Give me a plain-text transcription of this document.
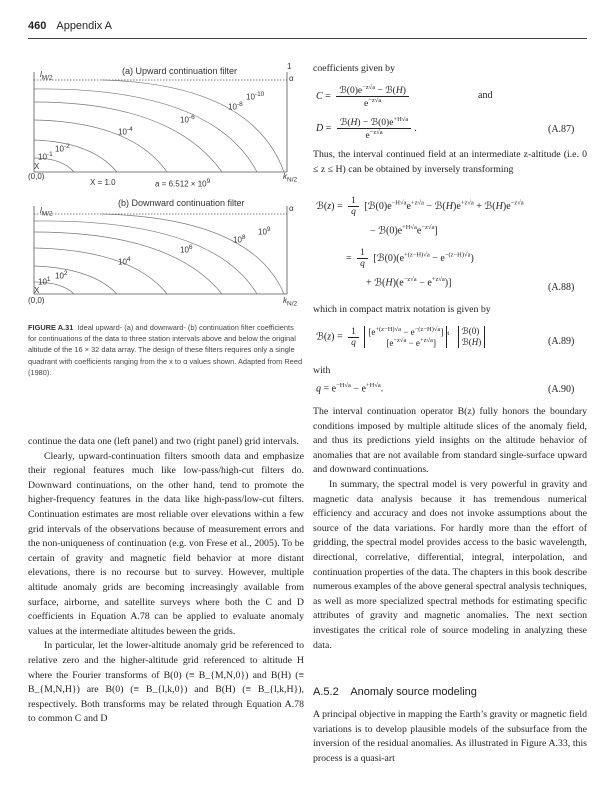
460 Appendix A
(a) Upward continuation filter
$l_{M/2}$
1
α
X
(0,0)
X = 1.0	$a = 6.512 \times 10^9$
$k_{N/2}$
$10^{-1}$
$10^{-2}$
$10^{-4}$
$10^{-6}$
$10^{-8}$
$10^{-10}$
(b) Downward continuation filter
$l_{M/2}$
α
X
(0,0)	$k_{N/2}$
$10^1$ $10^2$
$10^4$
$10^6$
$10^8$
$10^9$
FIGURE A.31 Ideal upward- (a) and downward- (b) continuation filter coefficients for continuations of the data to three station intervals above and below the original altitude of the 16 × 32 data array. The design of these filters requires only a single quadrant with coefficients ranging from the x to α values shown. Adapted from Reed (1980).

continue the data one (left panel) and two (right panel) grid intervals.

Clearly, upward-continuation filters smooth data and emphasize their regional features much like low-pass/high-cut filters do. Downward continuations, on the other hand, tend to promote the higher-frequency features in the data like high-pass/low-cut filters. Continuation estimates are most reliable over elevations within a few grid intervals of the observations because of measurement errors and the non-uniqueness of continuation (e.g. von Frese et al., 2005). To be certain of gravity and magnetic field behavior at more distant elevations, there is no recourse but to survey. However, multiple altitude anomaly grids are becoming increasingly available from surface, airborne, and satellite surveys where both the C and D coefficients in Equation A.78 can be applied to evaluate anomaly values at the intermediate altitudes beween the grids.

In particular, let the lower-altitude anomaly grid be referenced to relative zero and the higher-altitude grid referenced to altitude H where the Fourier transforms of B(0) (≡ B_{M,N,0}) and B(H) (≡ B_{M,N,H}) are B(0) (≡ B_{l,k,0}) and B(H) (≡ B_{l,k,H}), respectively. Both transforms may be related through Equation A.78 to common C and D

coefficients given by
$C = \frac{ℬ(0)e^{-z√a} - ℬ(H)}{e^{-z√a}}$	and
$D = \frac{ℬ(H) - ℬ(0)e^{+H√a}}{e^{-z√a}}$ .	(A.87)
Thus, the interval continued field at an intermediate z-altitude (i.e. 0 ≤ z ≤ H) can be obtained by inversely transforming
ℬ(z) = $\frac{1}{q}$ [$ℬ(0)e^{-H√a}e^{+z√a}$ − $ℬ(H)e^{+z√a}$ + $ℬ(H)e^{-z√a}$
− $ℬ(0)e^{+H√a}e^{-z√a}$]
= $\frac{1}{q}$ [$ℬ(0)(e^{+(z-H)√a} - e^{-(z-H)√a})$
+ $ℬ(H)(e^{-z√a} - e^{+z√a})$]	(A.88)
which in compact matrix notation is given by
ℬ(z) = $\frac{1}{q}$
$[e^{+(z-H)√a} - e^{-(z-H)√a}]$
$[e^{-z√a} - e^{+z√a}]$
$^t$ ℬ(0)
ℬ(H)	(A.89)
with
$q = e^{-H√a} - e^{+H√a}$.	(A.90)

The interval continuation operator B(z) fully honors the boundary conditions imposed by multiple altitude slices of the anomaly field, and thus its predictions yield insights on the altitude behavior of anomalies that are not available from standard single-surface upward and downward continuations.

In summary, the spectral model is very powerful in gravity and magnetic data analysis because it has tremendous numerical efficiency and accuracy and does not invoke assumptions about the source of the data variations. For hardly more than the effort of gridding, the spectral model provides access to the basic wavelength, directional, correlative, differential, integral, interpolation, and continuation properties of the data. The chapters in this book describe numerous examples of the above general spectral analysis techniques, as well as more specialized spectral methods for estimating specific attributes of gravity and magnetic anomalies. The next section investigates the critical role of source modeling in analyzing these data.

A.5.2 Anomaly source modeling
A principal objective in mapping the Earth’s gravity or magnetic field variations is to develop plausible models of the subsurface from the inversion of the residual anomalies. As illustrated in Figure A.33, this process is a quasi-art
